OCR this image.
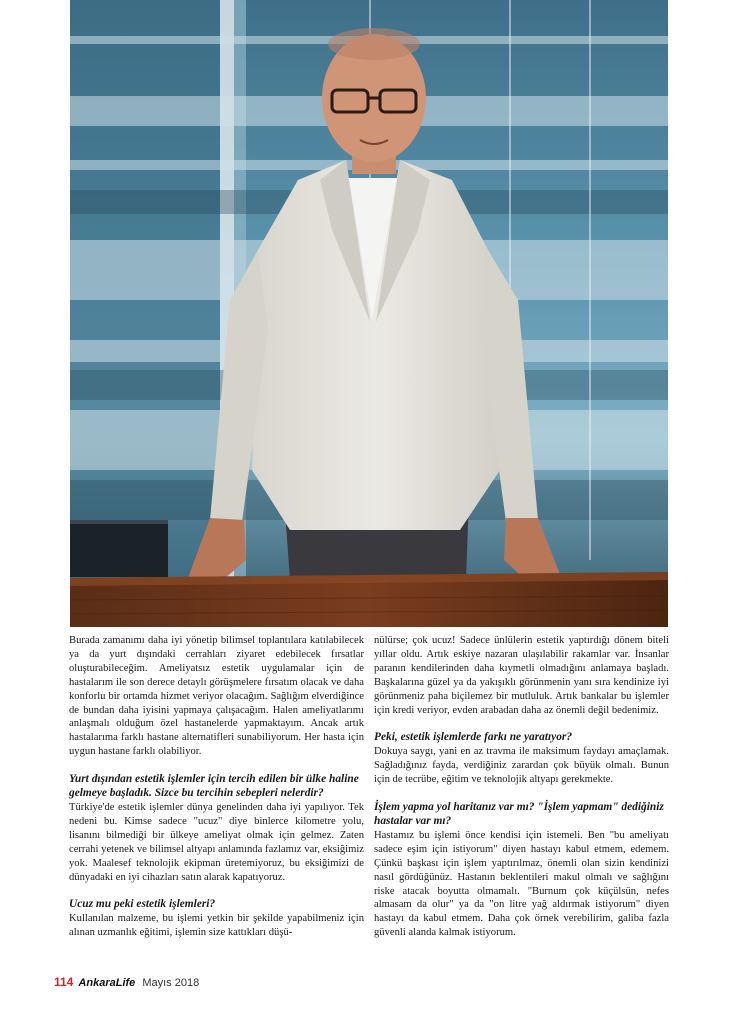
Burada zamanımı daha iyi yönetip bilimsel toplantılara katılabilecek ya da yurt dışındaki cerrahları ziyaret edebilecek fırsatlar oluşturabileceğim. Ameliyatsız estetik uygulamalar için de hastalarım ile son derece detaylı görüşmelere fırsatım olacak ve daha konforlu bir ortamda hizmet veriyor olacağım. Sağlığım elverdiğince de bundan daha iyisini yapmaya çalışacağım. Halen ameliyatlarımı anlaşmalı olduğum özel hastanelerde yapmaktayım. Ancak artık hastalarıma farklı hastane alternatifleri sunabiliyorum. Her hasta için uygun hastane farklı olabiliyor.

Yurt dışından estetik işlemler için tercih edilen bir ülke haline gelmeye başladık. Sizce bu tercihin sebepleri nelerdir?

Türkiye'de estetik işlemler dünya genelinden daha iyi yapılıyor. Tek nedeni bu. Kimse sadece "ucuz" diye binlerce kilometre yolu, lisanını bilmediği bir ülkeye ameliyat olmak için gelmez. Zaten cerrahi yetenek ve bilimsel altyapı anlamında fazlamız var, eksiğimiz yok. Maalesef teknolojik ekipman üretemiyoruz, bu eksiğimizi de dünyadaki en iyi cihazları satın alarak kapatıyoruz.

Ucuz mu peki estetik işlemleri?

Kullanılan malzeme, bu işlemi yetkin bir şekilde yapabilmeniz için alınan uzmanlık eğitimi, işlemin size kattıkları düşü-

nülürse; çok ucuz! Sadece ünlülerin estetik yaptırdığı dönem biteli yıllar oldu. Artık eskiye nazaran ulaşılabilir rakamlar var. İnsanlar paranın kendilerinden daha kıymetli olmadığını anlamaya başladı. Başkalarına güzel ya da yakışıklı görünmenin yanı sıra kendinize iyi görünmeniz paha biçilemez bir mutluluk. Artık bankalar bu işlemler için kredi veriyor, evden arabadan daha az önemli değil bedenimiz.

Peki, estetik işlemlerde farkı ne yaratıyor?

Dokuya saygı, yani en az travma ile maksimum faydayı amaçlamak. Sağladığınız fayda, verdiğiniz zarardan çok büyük olmalı. Bunun için de tecrübe, eğitim ve teknolojik altyapı gerekmekte.

İşlem yapma yol haritanız var mı? "İşlem yapmam" dediğiniz hastalar var mı?

Hastamız bu işlemi önce kendisi için istemeli. Ben "bu ameliyatı sadece eşim için istiyorum" diyen hastayı kabul etmem, edemem. Çünkü başkası için işlem yaptırılmaz, önemli olan sizin kendinizi nasıl gördüğünüz. Hastanın beklentileri makul olmalı ve sağlığını riske atacak boyutta olmamalı. "Burnum çok küçülsün, nefes almasam da olur" ya da "on litre yağ aldırmak istiyorum" diyen hastayı da kabul etmem. Daha çok örnek verebilirim, galiba fazla güvenli alanda kalmak istiyorum.

114 AnkaraLife Mayıs 2018
